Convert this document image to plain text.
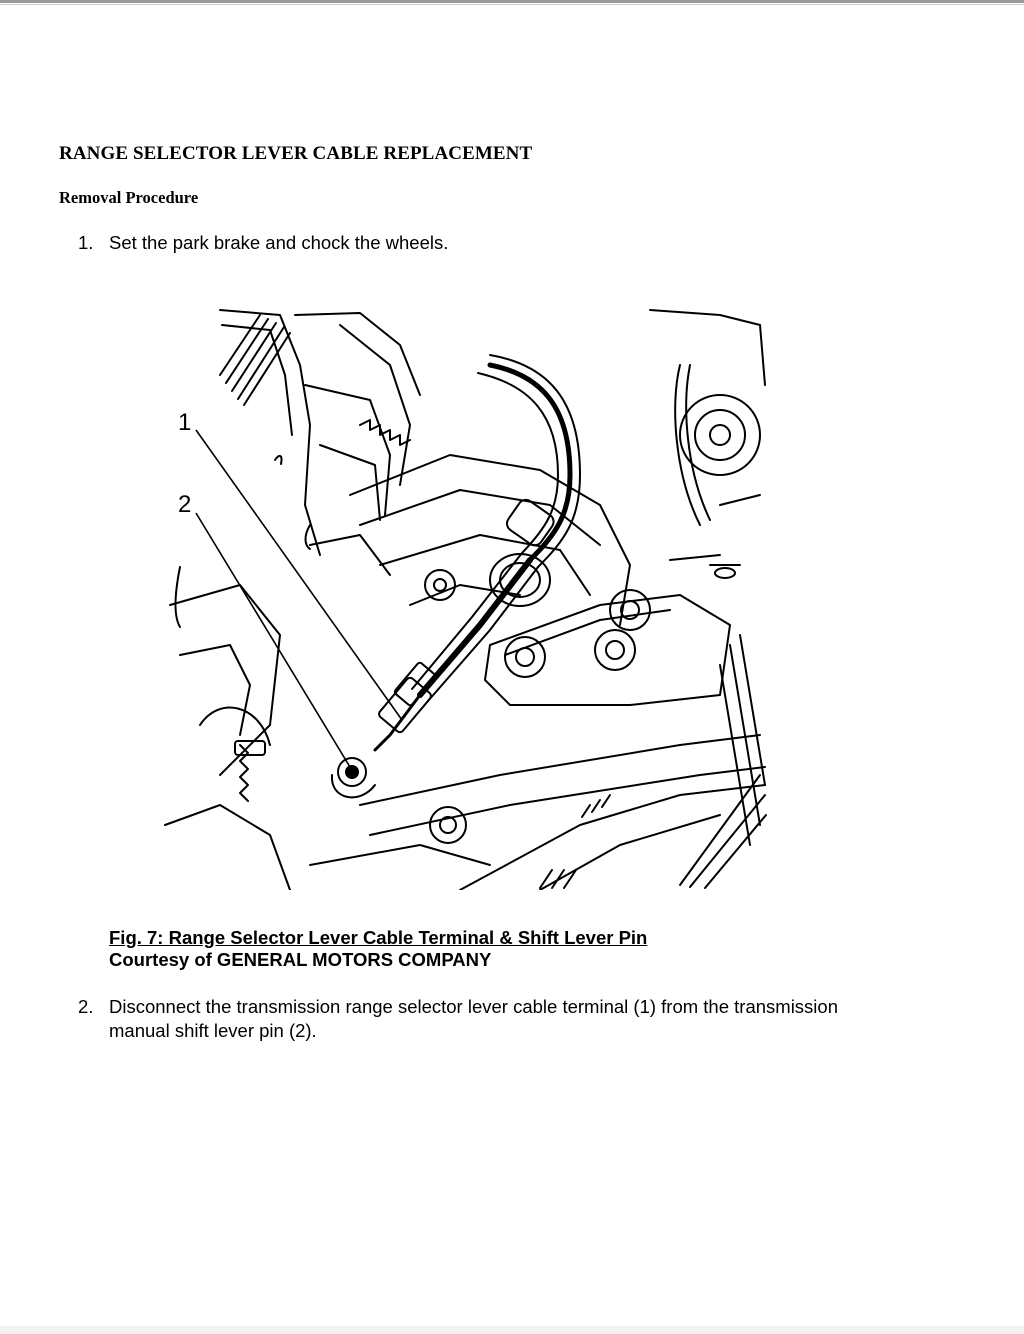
RANGE SELECTOR LEVER CABLE REPLACEMENT
Removal Procedure
1. Set the park brake and chock the wheels.
1
2
Fig. 7: Range Selector Lever Cable Terminal & Shift Lever Pin
Courtesy of GENERAL MOTORS COMPANY
2. Disconnect the transmission range selector lever cable terminal (1) from the transmission
manual shift lever pin (2).
